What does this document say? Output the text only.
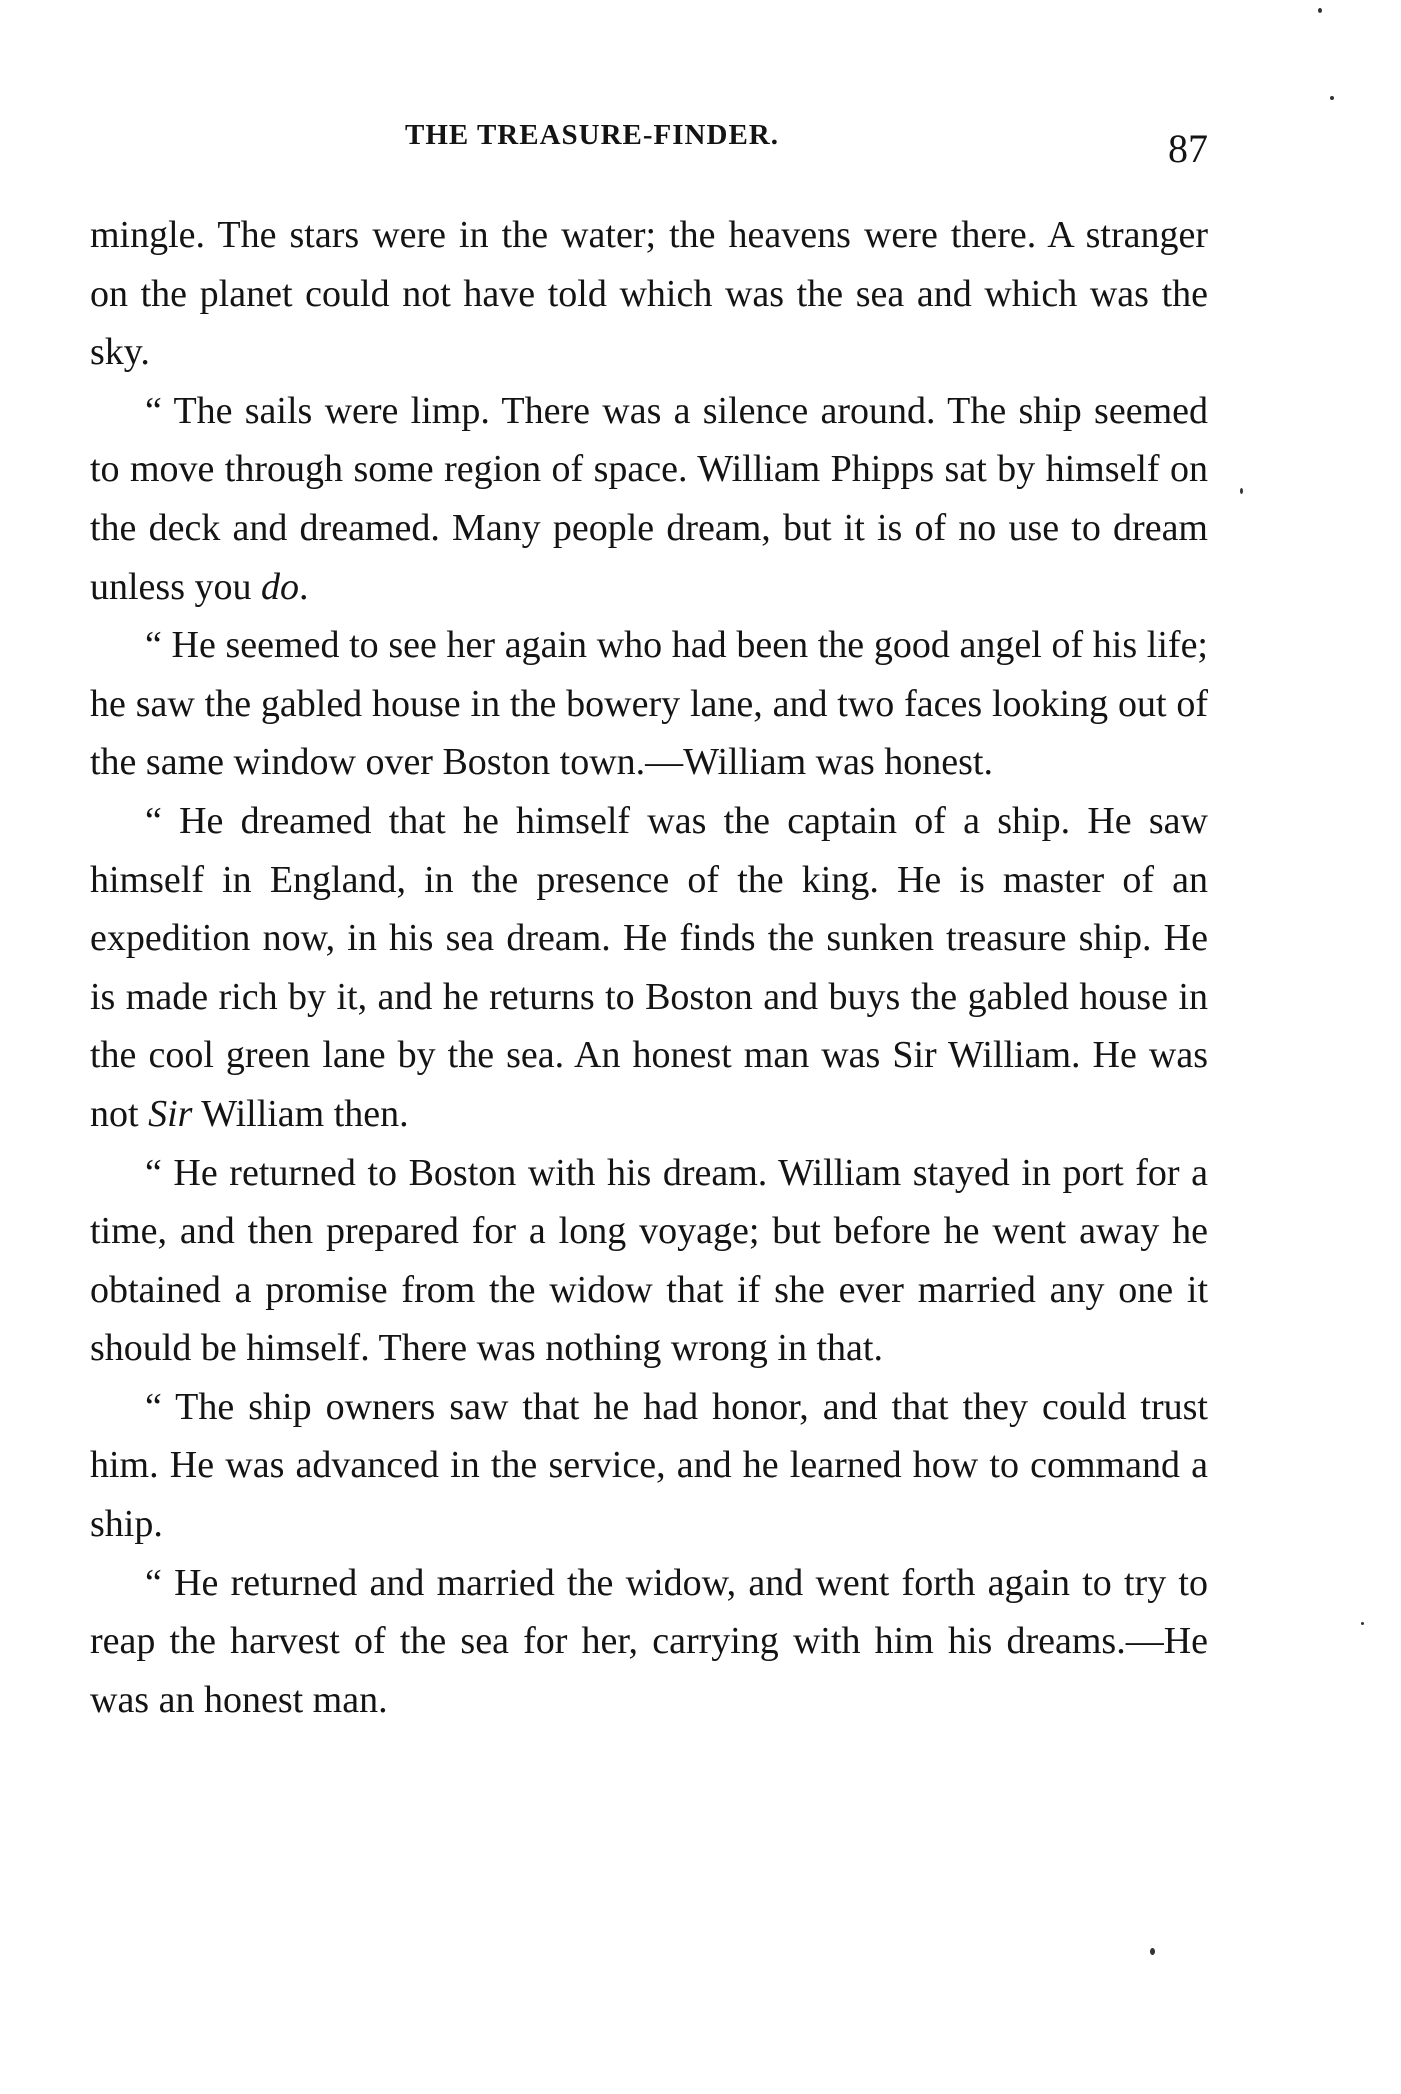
THE TREASURE-FINDER.	87

mingle. The stars were in the water; the heavens were there. A stranger on the planet could not have told which was the sea and which was the sky.

“ The sails were limp. There was a silence around. The ship seemed to move through some region of space. William Phipps sat by himself on the deck and dreamed. Many people dream, but it is of no use to dream unless you do.

“ He seemed to see her again who had been the good angel of his life; he saw the gabled house in the bowery lane, and two faces looking out of the same window over Boston town.—William was honest.

“ He dreamed that he himself was the captain of a ship. He saw himself in England, in the presence of the king. He is master of an expedition now, in his sea dream. He finds the sunken treasure ship. He is made rich by it, and he returns to Boston and buys the gabled house in the cool green lane by the sea. An honest man was Sir William. He was not Sir William then.

“ He returned to Boston with his dream. William stayed in port for a time, and then prepared for a long voyage; but before he went away he obtained a promise from the widow that if she ever married any one it should be himself. There was nothing wrong in that.

“ The ship owners saw that he had honor, and that they could trust him. He was advanced in the service, and he learned how to command a ship.

“ He returned and married the widow, and went forth again to try to reap the harvest of the sea for her, carrying with him his dreams.—He was an honest man.
